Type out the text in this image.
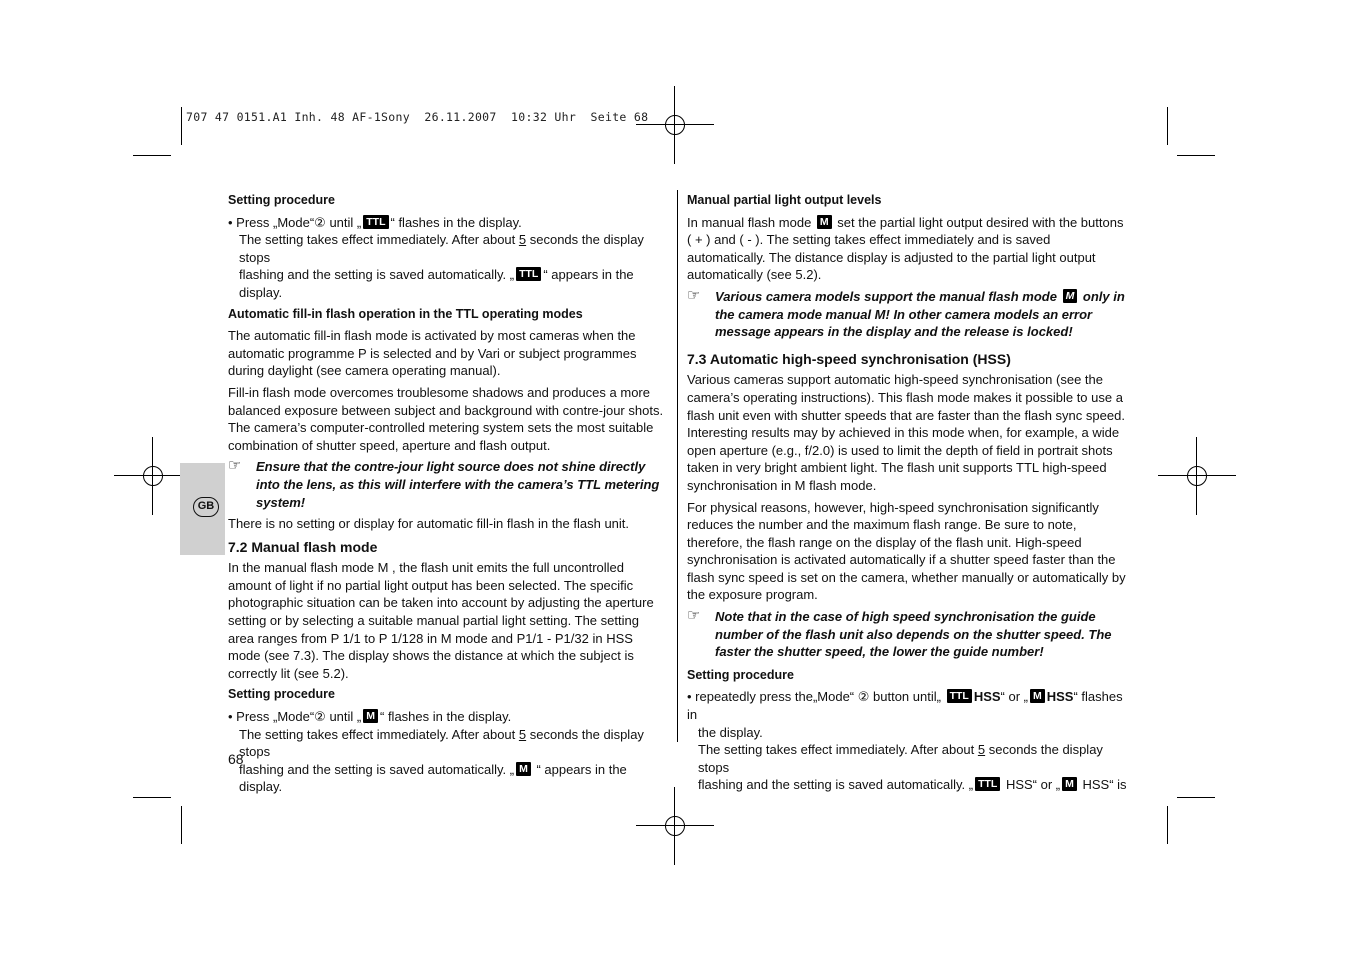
707 47 0151.A1 Inh. 48 AF-1Sony  26.11.2007  10:32 Uhr  Seite 68
GB
Setting procedure
• Press „Mode“② until „ TTL “ flashes in the display.
The setting takes effect immediately. After about 5 seconds the display stops
flashing and the setting is saved automatically. „ TTL “ appears in the display.
Automatic fill-in flash operation in the TTL operating modes

The automatic fill-in flash mode is activated by most cameras when the automatic programme P is selected and by Vari or subject programmes during daylight (see camera operating manual).

Fill-in flash mode overcomes troublesome shadows and produces a more balanced exposure between subject and background with contre-jour shots. The camera’s computer-controlled metering system sets the most suitable combination of shutter speed, aperture and flash output.

☞ Ensure that the contre-jour light source does not shine directly into the lens, as this will interfere with the camera’s TTL metering system!

There is no setting or display for automatic fill-in flash in the flash unit.

7.2 Manual flash mode

In the manual flash mode M , the flash unit emits the full uncontrolled amount of light if no partial light output has been selected. The specific photographic situation can be taken into account by adjusting the aperture setting or by selecting a suitable manual partial light setting. The setting area ranges from P 1/1 to P 1/128 in M mode and P1/1 - P1/32 in HSS mode (see 7.3). The display shows the distance at which the subject is correctly lit (see 5.2).

Setting procedure
• Press „Mode“② until „ M “ flashes in the display.
The setting takes effect immediately. After about 5 seconds the display stops
flashing and the setting is saved automatically. „ M “ appears in the display.
Manual partial light output levels

In manual flash mode M set the partial light output desired with the buttons ( + ) and ( - ). The setting takes effect immediately and is saved automatically. The distance display is adjusted to the partial light output automatically (see 5.2).

☞ Various camera models support the manual flash mode M only in the camera mode manual M! In other camera models an error message appears in the display and the release is locked!
7.3 Automatic high-speed synchronisation (HSS)

Various cameras support automatic high-speed synchronisation (see the camera’s operating instructions). This flash mode makes it possible to use a flash unit even with shutter speeds that are faster than the flash sync speed. Interesting results may by achieved in this mode when, for example, a wide open aperture (e.g., f/2.0) is used to limit the depth of field in portrait shots taken in very bright ambient light. The flash unit supports TTL high-speed synchronisation in M flash mode.

For physical reasons, however, high-speed synchronisation significantly reduces the number and the maximum flash range. Be sure to note, therefore, the flash range on the display of the flash unit. High-speed synchronisation is activated automatically if a shutter speed faster than the flash sync speed is set on the camera, whether manually or automatically by the exposure program.

☞ Note that in the case of high speed synchronisation the guide number of the flash unit also depends on the shutter speed. The faster the shutter speed, the lower the guide number!
Setting procedure
• repeatedly press the„Mode“ ② button until„ TTL HSS“ or „ M HSS“ flashes in
the display.
The setting takes effect immediately. After about 5 seconds the display stops
flashing and the setting is saved automatically. „ TTL HSS“ or „ M HSS“ is
68
